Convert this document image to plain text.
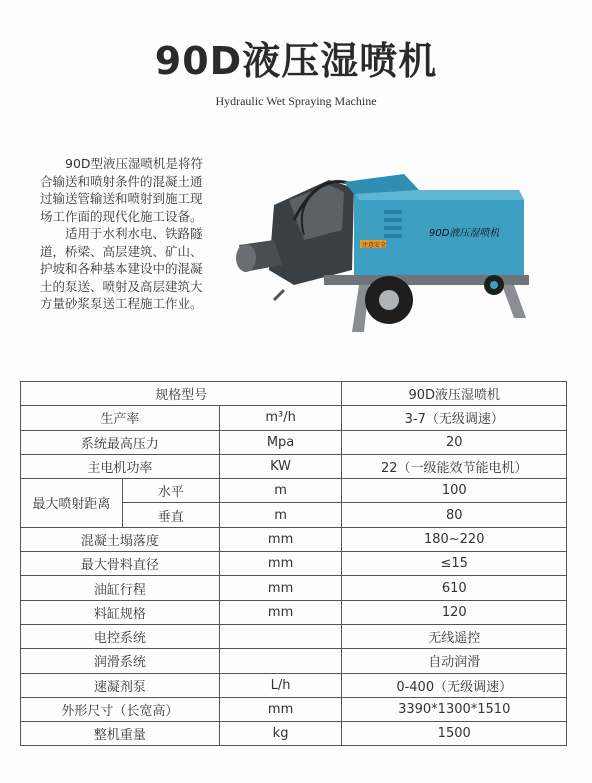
90D液压湿喷机
Hydraulic Wet Spraying Machine

90D型液压湿喷机是将符合输送和喷射条件的混凝土通过输送管输送和喷射到施工现场工作面的现代化施工设备。

适用于水利水电、铁路隧道，桥梁、高层建筑、矿山、护坡和各种基本建设中的混凝土的泵送、喷射及高层建筑大方量砂浆泵送工程施工作业。

90D液压湿喷机
注意安全
规格型号			90D液压湿喷机
生产率		m³/h	3-7（无级调速）
系统最高压力		Mpa	20
主电机功率		KW	22（一级能效节能电机）
最大喷射距离	水平	m	100
	垂直	m	80
混凝土塌落度		mm	180~220
最大骨料直径		mm	≤15
油缸行程		mm	610
料缸规格		mm	120
电控系统			无线遥控
润滑系统			自动润滑
速凝剂泵		L/h	0-400（无级调速）
外形尺寸（长宽高）		mm	3390*1300*1510
整机重量		kg	1500
